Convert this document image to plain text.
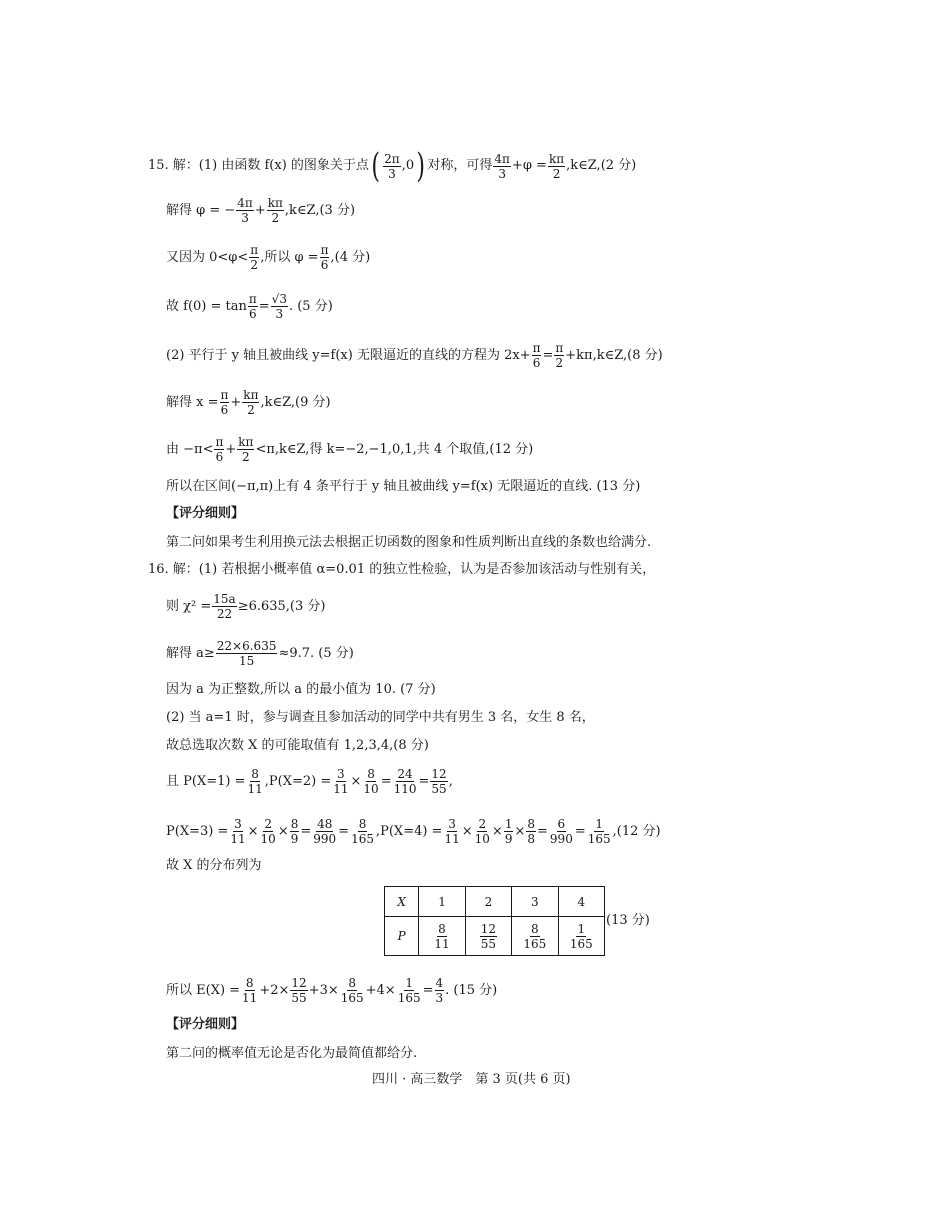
15. 解：(1) 由函数 f(x) 的图象关于点 ( $\frac{2\pi}{3} ,0$ ) 对称，可得 $\frac{4\pi}{3} +\varphi = \frac{k\pi}{2}$ ,k∈Z,(2 分)
解得 φ = − $\frac{4\pi}{3} + \frac{k\pi}{2}$ ,k∈Z,(3 分)
又因为 $0<\varphi< \frac{\pi}{2}$ ,所以 $\varphi = \frac{\pi}{6} ,(4$ 分)
故 $f(0) = \tan \frac{\pi}{6} = \frac{√3}{3}$ . (5 分)
(2) 平行于 y 轴且被曲线 y=f(x) 无限逼近的直线的方程为 $2x+ \frac{\pi}{6} = \frac{\pi}{2}$ +kπ,k∈Z,(8 分)
解得 $x = \frac{\pi}{6} + \frac{k\pi}{2}$ ,k∈Z,(9 分)
由 $-\pi< \frac{\pi}{6} + \frac{k\pi}{2}$ <π,k∈Z,得 k=−2,−1,0,1,共 4 个取值,(12 分)
所以在区间(−π,π)上有 4 条平行于 y 轴且被曲线 y=f(x) 无限逼近的直线. (13 分)
【评分细则】
第二问如果考生利用换元法去根据正切函数的图象和性质判断出直线的条数也给满分.
16. 解：(1) 若根据小概率值 α=0.01 的独立性检验，认为是否参加该活动与性别有关，
则 $\chi^2 = \frac{15a}{22} \ge 6.635,(3$ 分)
解得 $a\ge \frac{22\times 6.635}{15} \approx 9.7$. (5 分)
因为 a 为正整数,所以 a 的最小值为 10. (7 分)
(2) 当 a=1 时，参与调查且参加活动的同学中共有男生 3 名，女生 8 名，
故总选取次数 X 的可能取值有 1,2,3,4,(8 分)
且 $P(X=1) = \frac{8}{11} ,P(X=2) = \frac{3}{11} \times \frac{8}{10} = \frac{24}{110} = \frac{12}{55}$ ,
$P(X=3) = \frac{3}{11} \times \frac{2}{10} \times \frac{8}{9} = \frac{48}{990} = \frac{8}{165} ,P(X=4) = \frac{3}{11} \times \frac{2}{10} \times \frac{1}{9} \times \frac{8}{8} = \frac{6}{990} = \frac{1}{165} ,(12$ 分)
故 X 的分布列为
X	1	2	3	4
P	$\frac{8}{11}$	$\frac{12}{55}$	$\frac{8}{165}$	$\frac{1}{165}$
(13 分)
所以 $E(X) = \frac{8}{11} +2\times \frac{12}{55} +3\times \frac{8}{165} +4\times \frac{1}{165} = \frac{4}{3}$ . (15 分)
【评分细则】
第二问的概率值无论是否化为最简值都给分.
四川 · 高三数学　第 3 页(共 6 页)
